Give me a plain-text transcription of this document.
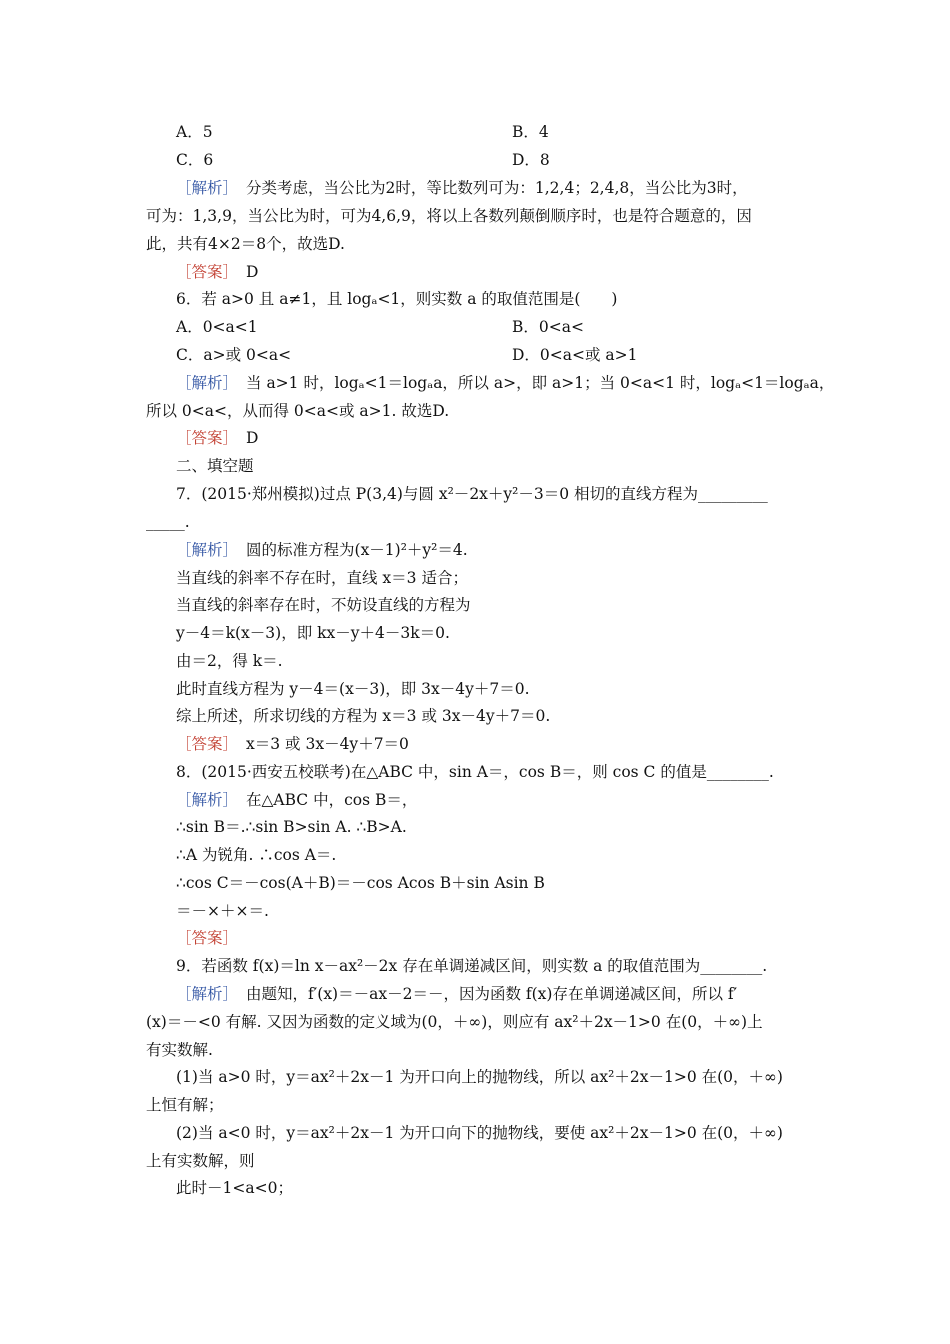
A．5	B．4
C．6	D．8
［解析］ 分类考虑，当公比为2时，等比数列可为：1,2,4；2,4,8，当公比为3时，
可为：1,3,9，当公比为时，可为4,6,9，将以上各数列颠倒顺序时，也是符合题意的，因
此，共有4×2＝8个，故选D.
［答案］ D
6．若 a>0 且 a≠1，且 logₐ<1，则实数 a 的取值范围是(　　)
A．0<a<1	B．0<a<
C．a>或 0<a<	D．0<a<或 a>1
［解析］ 当 a>1 时，logₐ<1＝logₐa，所以 a>，即 a>1；当 0<a<1 时，logₐ<1＝logₐa，
所以 0<a<，从而得 0<a<或 a>1. 故选D.
［答案］ D
二、填空题
7．(2015·郑州模拟)过点 P(3,4)与圆 x²－2x＋y²－3＝0 相切的直线方程为_________
_____.
［解析］ 圆的标准方程为(x－1)²＋y²＝4.
当直线的斜率不存在时，直线 x＝3 适合；
当直线的斜率存在时，不妨设直线的方程为
y－4＝k(x－3)，即 kx－y＋4－3k＝0.
由＝2，得 k＝.
此时直线方程为 y－4＝(x－3)，即 3x－4y＋7＝0.
综上所述，所求切线的方程为 x＝3 或 3x－4y＋7＝0.
［答案］ x＝3 或 3x－4y＋7＝0
8．(2015·西安五校联考)在△ABC 中，sin A＝，cos B＝，则 cos C 的值是________.
［解析］ 在△ABC 中，cos B＝，
∴sin B＝.∴sin B>sin A. ∴B>A.
∴A 为锐角. ∴cos A＝.
∴cos C＝－cos(A＋B)＝－cos Acos B＋sin Asin B
＝－×＋×＝.
［答案］
9．若函数 f(x)＝ln x－ax²－2x 存在单调递减区间，则实数 a 的取值范围为________.
［解析］ 由题知，f′(x)＝－ax－2＝－，因为函数 f(x)存在单调递减区间，所以 f′
(x)＝－<0 有解. 又因为函数的定义域为(0，＋∞)，则应有 ax²＋2x－1>0 在(0，＋∞)上
有实数解.
(1)当 a>0 时，y＝ax²＋2x－1 为开口向上的抛物线，所以 ax²＋2x－1>0 在(0，＋∞)
上恒有解；
(2)当 a<0 时，y＝ax²＋2x－1 为开口向下的抛物线，要使 ax²＋2x－1>0 在(0，＋∞)
上有实数解，则
此时－1<a<0；
